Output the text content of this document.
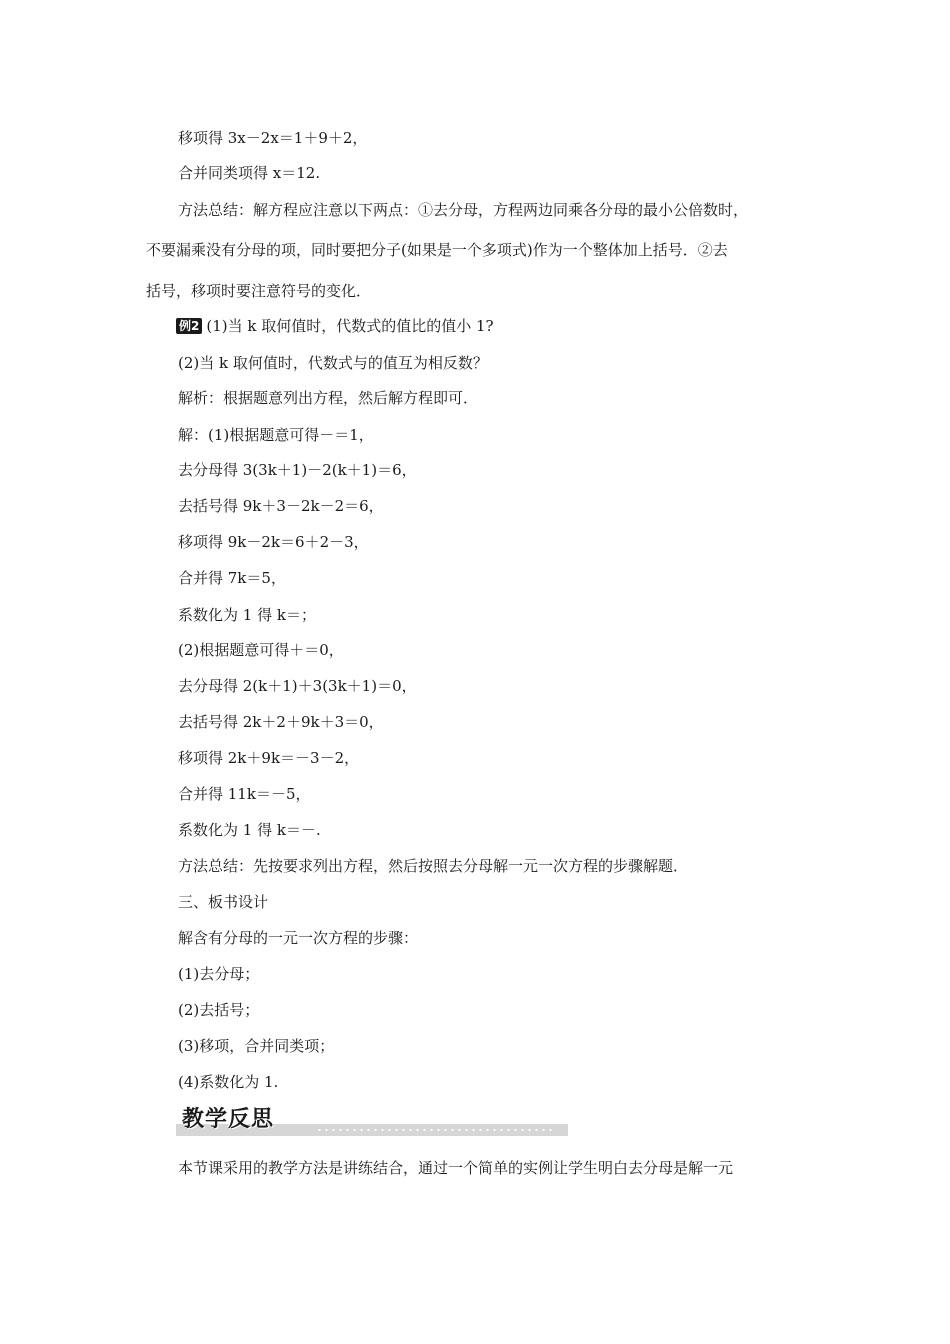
移项得 3x－2x＝1＋9＋2，
合并同类项得 x＝12.
方法总结：解方程应注意以下两点：①去分母，方程两边同乘各分母的最小公倍数时，
不要漏乘没有分母的项，同时要把分子(如果是一个多项式)作为一个整体加上括号．②去
括号，移项时要注意符号的变化．
例2 (1)当 k 取何值时，代数式的值比的值小 1?
(2)当 k 取何值时，代数式与的值互为相反数？
解析：根据题意列出方程，然后解方程即可．
解：(1)根据题意可得－＝1，
去分母得 3(3k＋1)－2(k＋1)＝6，
去括号得 9k＋3－2k－2＝6，
移项得 9k－2k＝6＋2－3，
合并得 7k＝5，
系数化为 1 得 k＝；
(2)根据题意可得＋＝0，
去分母得 2(k＋1)＋3(3k＋1)＝0，
去括号得 2k＋2＋9k＋3＝0，
移项得 2k＋9k＝－3－2，
合并得 11k＝－5，
系数化为 1 得 k＝－.
方法总结：先按要求列出方程，然后按照去分母解一元一次方程的步骤解题．
三、板书设计
解含有分母的一元一次方程的步骤：
(1)去分母；
(2)去括号；
(3)移项，合并同类项；
(4)系数化为 1.
教学反思
本节课采用的教学方法是讲练结合，通过一个简单的实例让学生明白去分母是解一元
